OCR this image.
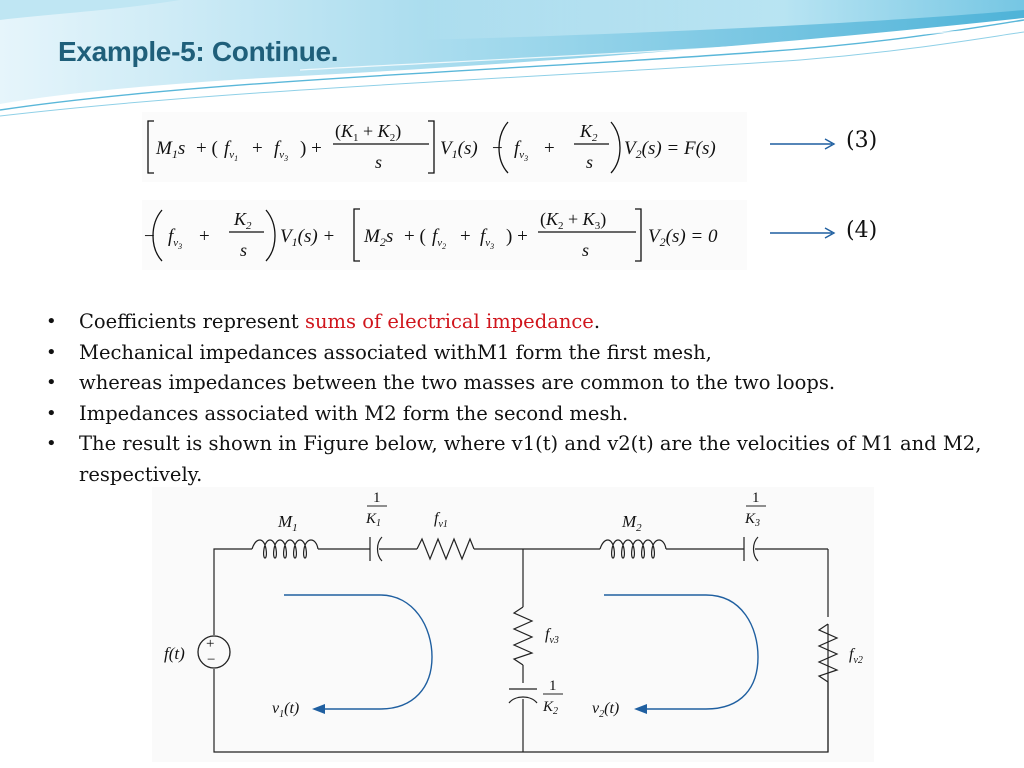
Example-5: Continue.
$M_1s$ + ( $f_v1 + f_v3$ ) +
$(K_1 + K_2)$
s
$V_1(s) - f_v3$ +
$K_2$
s
$V_2(s) = F(s)$
− $f_v3$ +
$K_2$
s
$V_1(s) + M_2s$ + ( $f_v2 + f_v3$ ) +
$(K_2 + K_3)$
s
$V_2(s) = 0$
(3)
(4)
• Coefficients represent sums of electrical impedance.
• Mechanical impedances associated withM1 form the first mesh,
• whereas impedances between the two masses are common to the two loops.
• Impedances associated with M2 form the second mesh.
• The result is shown in Figure below, where v1(t) and v2(t) are the velocities of M1 and M2, respectively.
+
−
f(t)
$M_1$	$M_2$
1
$K_1$
1
$K_3$
1
$K_2$
$f_{v1}$
$f_{v3}$
$f_{v2}$
$v_1(t)$	$v_2(t)$
